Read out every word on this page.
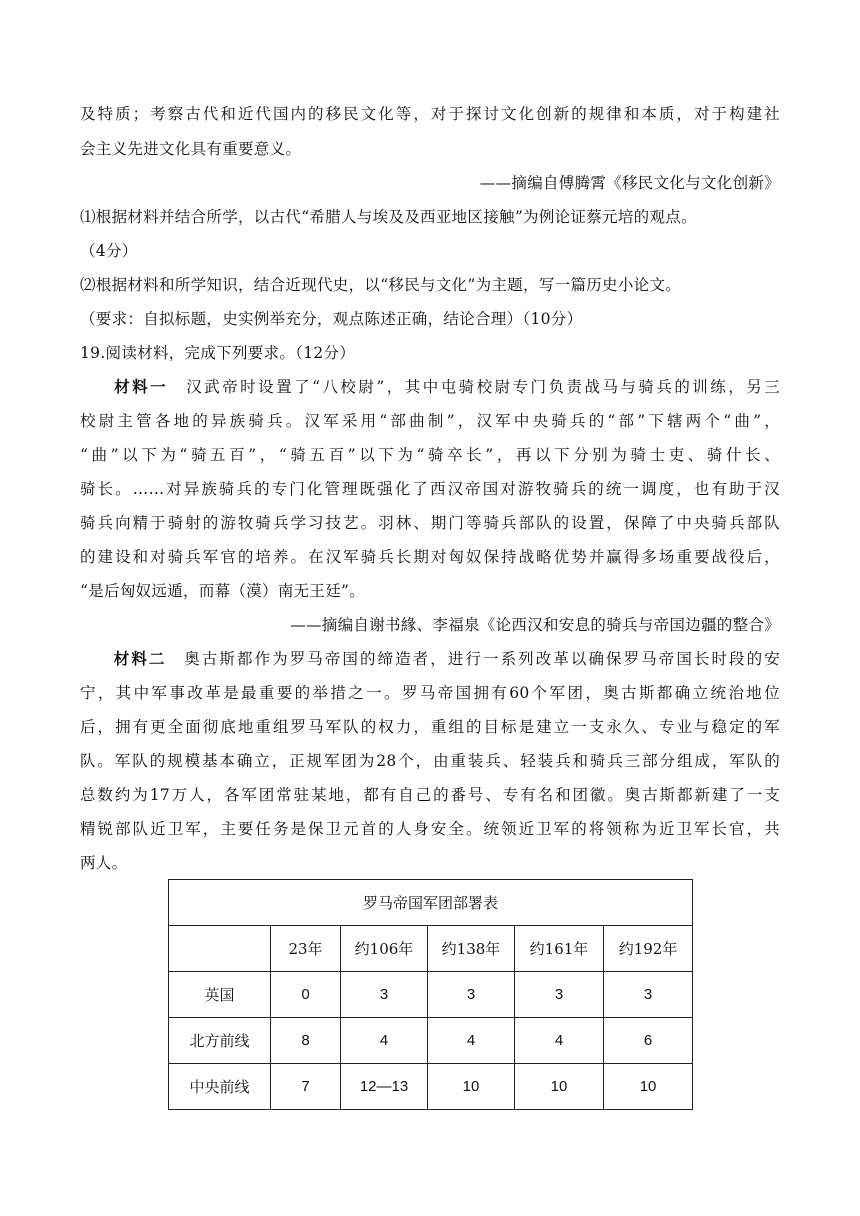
及特质；考察古代和近代国内的移民文化等，对于探讨文化创新的规律和本质，对于构建社
会主义先进文化具有重要意义。
——摘编自傅腾霄《移民文化与文化创新》
⑴根据材料并结合所学，以古代“希腊人与埃及及西亚地区接触”为例论证蔡元培的观点。
（4分）
⑵根据材料和所学知识，结合近现代史，以“移民与文化”为主题，写一篇历史小论文。
（要求：自拟标题，史实例举充分，观点陈述正确，结论合理）（10分）
19.阅读材料，完成下列要求。（12分）
材料一 汉武帝时设置了“八校尉”，其中屯骑校尉专门负责战马与骑兵的训练，另三
校尉主管各地的异族骑兵。汉军采用“部曲制”，汉军中央骑兵的“部”下辖两个“曲”，
“曲”以下为“骑五百”，“骑五百”以下为“骑卒长”，再以下分别为骑士吏、骑什长、
骑长。……对异族骑兵的专门化管理既强化了西汉帝国对游牧骑兵的统一调度，也有助于汉
骑兵向精于骑射的游牧骑兵学习技艺。羽林、期门等骑兵部队的设置，保障了中央骑兵部队
的建设和对骑兵军官的培养。在汉军骑兵长期对匈奴保持战略优势并赢得多场重要战役后，
“是后匈奴远遁，而幕（漠）南无王廷”。
——摘编自谢书緣、李福泉《论西汉和安息的骑兵与帝国边疆的整合》
材料二 奥古斯都作为罗马帝国的缔造者，进行一系列改革以确保罗马帝国长时段的安
宁，其中军事改革是最重要的举措之一。罗马帝国拥有60个军团，奥古斯都确立统治地位
后，拥有更全面彻底地重组罗马军队的权力，重组的目标是建立一支永久、专业与稳定的军
队。军队的规模基本确立，正规军团为28个，由重装兵、轻装兵和骑兵三部分组成，军队的
总数约为17万人，各军团常驻某地，都有自己的番号、专有名和团徽。奥古斯都新建了一支
精锐部队近卫军，主要任务是保卫元首的人身安全。统领近卫军的将领称为近卫军长官，共
两人。
罗马帝国军团部署表					
	23年	约106年	约138年	约161年	约192年
英国	0	3	3	3	3
北方前线	8	4	4	4	6
中央前线	7	12—13	10	10	10
